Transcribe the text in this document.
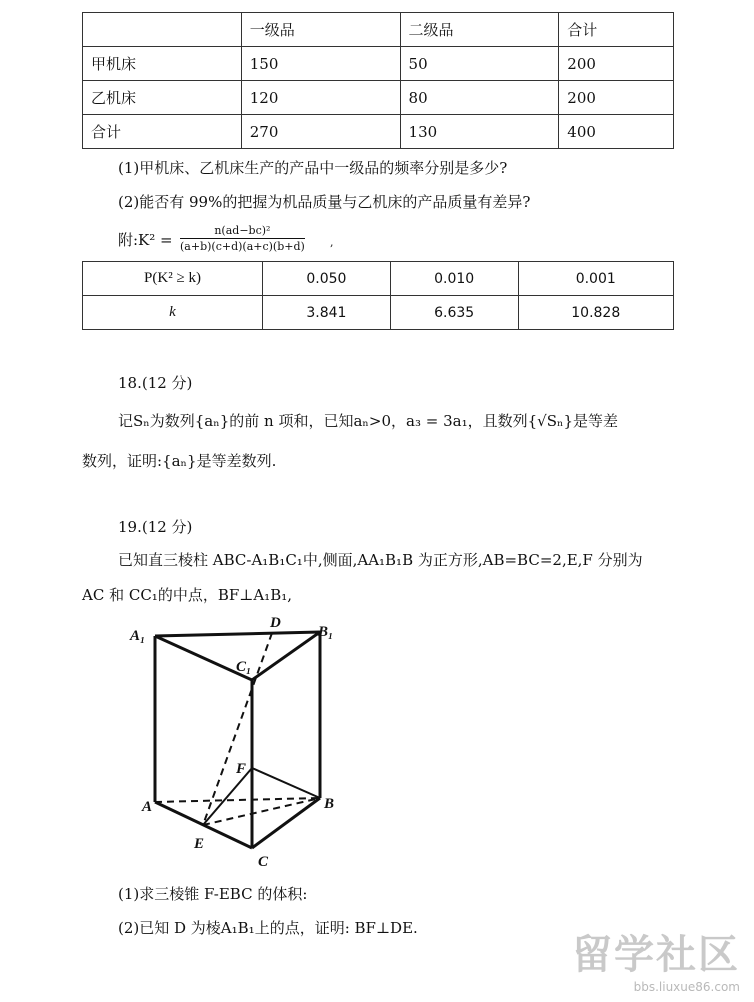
	一级品	二级品	合计
甲机床	150	50	200
乙机床	120	80	200
合计	270	130	400
(1)甲机床、乙机床生产的产品中一级品的频率分别是多少?
(2)能否有 99%的把握为机品质量与乙机床的产品质量有差异?
附:K² = $\frac{\text{n(ad−bc)²}}{(a+b)(c+d)(a+c)(b+d)}$ ,
P(K² ≥ k)	0.050	0.010	0.001
k	3.841	6.635	10.828
18.(12 分)
记Sₙ为数列{aₙ}的前 n 项和，已知aₙ>0，a₃ = 3a₁，且数列{√Sₙ}是等差
数列，证明:{aₙ}是等差数列.
19.(12 分)
已知直三棱柱 ABC-A₁B₁C₁中,侧面,AA₁B₁B 为正方形,AB=BC=2,E,F 分别为
AC 和 CC₁的中点，BF⊥A₁B₁,
A₁
D
B₁
C₁
F
A	B
E
C
(1)求三棱锥 F-EBC 的体积:
(2)已知 D 为棱A₁B₁上的点，证明: BF⊥DE.
留学社区
bbs.liuxue86.com
